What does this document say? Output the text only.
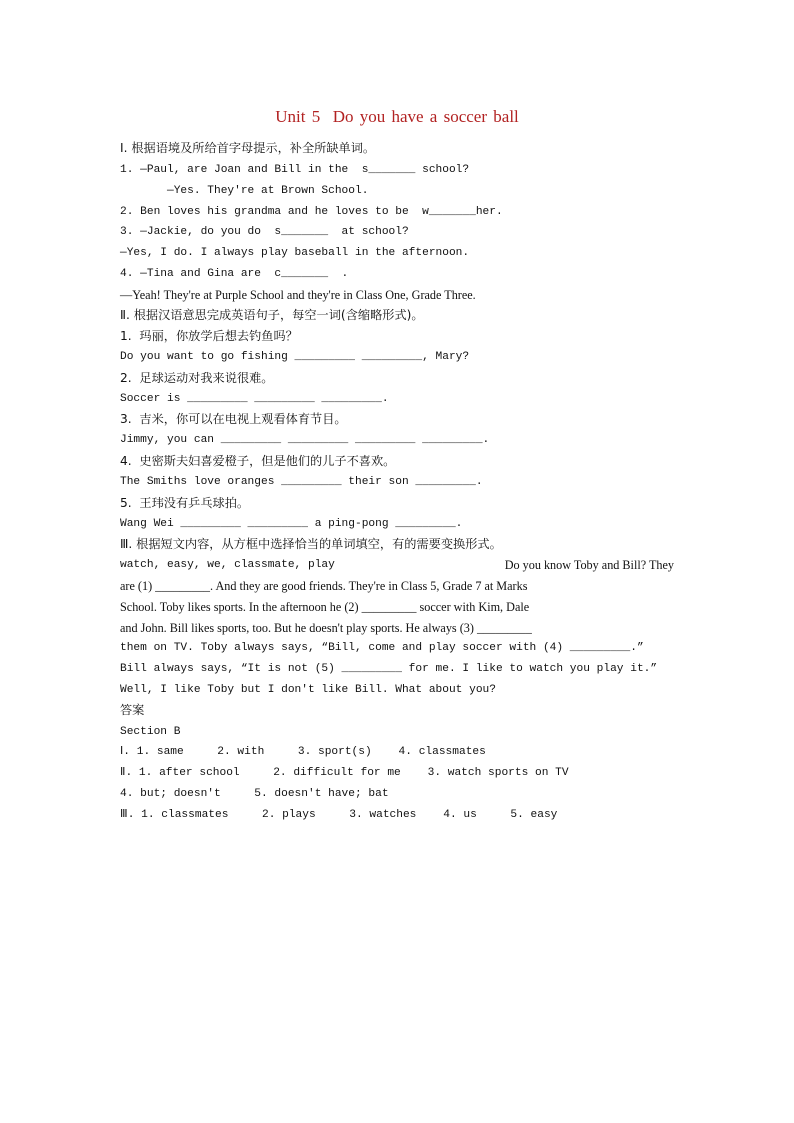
Unit 5  Do you have a soccer ball
Ⅰ. 根据语境及所给首字母提示，补全所缺单词。
1. —Paul, are Joan and Bill in the  s_______ school?
—Yes. They're at Brown School.
2. Ben loves his grandma and he loves to be  w_______her.
3. —Jackie, do you do  s_______  at school?
—Yes, I do. I always play baseball in the afternoon.
4. —Tina and Gina are  c_______  .
—Yeah! They're at Purple School and they're in Class One, Grade Three.
Ⅱ. 根据汉语意思完成英语句子，每空一词(含缩略形式)。
1.  玛丽，你放学后想去钓鱼吗？
Do you want to go fishing _________ _________, Mary?
2.  足球运动对我来说很难。
Soccer is _________ _________ _________.
3.  吉米，你可以在电视上观看体育节目。
Jimmy, you can _________ _________ _________ _________.
4.  史密斯夫妇喜爱橙子，但是他们的儿子不喜欢。
The Smiths love oranges _________ their son _________.
5.  王玮没有乒乓球拍。
Wang Wei _________ _________ a ping-pong _________.
Ⅲ. 根据短文内容，从方框中选择恰当的单词填空，有的需要变换形式。
watch, easy, we, classmate, play	Do you know Toby and Bill? They
are (1) _________. And they are good friends. They're in Class 5, Grade 7 at Marks
School. Toby likes sports. In the afternoon he (2) _________ soccer with Kim, Dale
and John. Bill likes sports, too. But he doesn't play sports. He always (3) _________
them on TV. Toby always says, “Bill, come and play soccer with (4) _________.”
Bill always says, “It is not (5) _________ for me. I like to watch you play it.”
Well, I like Toby but I don't like Bill. What about you?
答案
Section B
Ⅰ. 1. same     2. with     3. sport(s)    4. classmates
Ⅱ. 1. after school     2. difficult for me    3. watch sports on TV
4. but; doesn't     5. doesn't have; bat
Ⅲ. 1. classmates     2. plays     3. watches    4. us     5. easy
